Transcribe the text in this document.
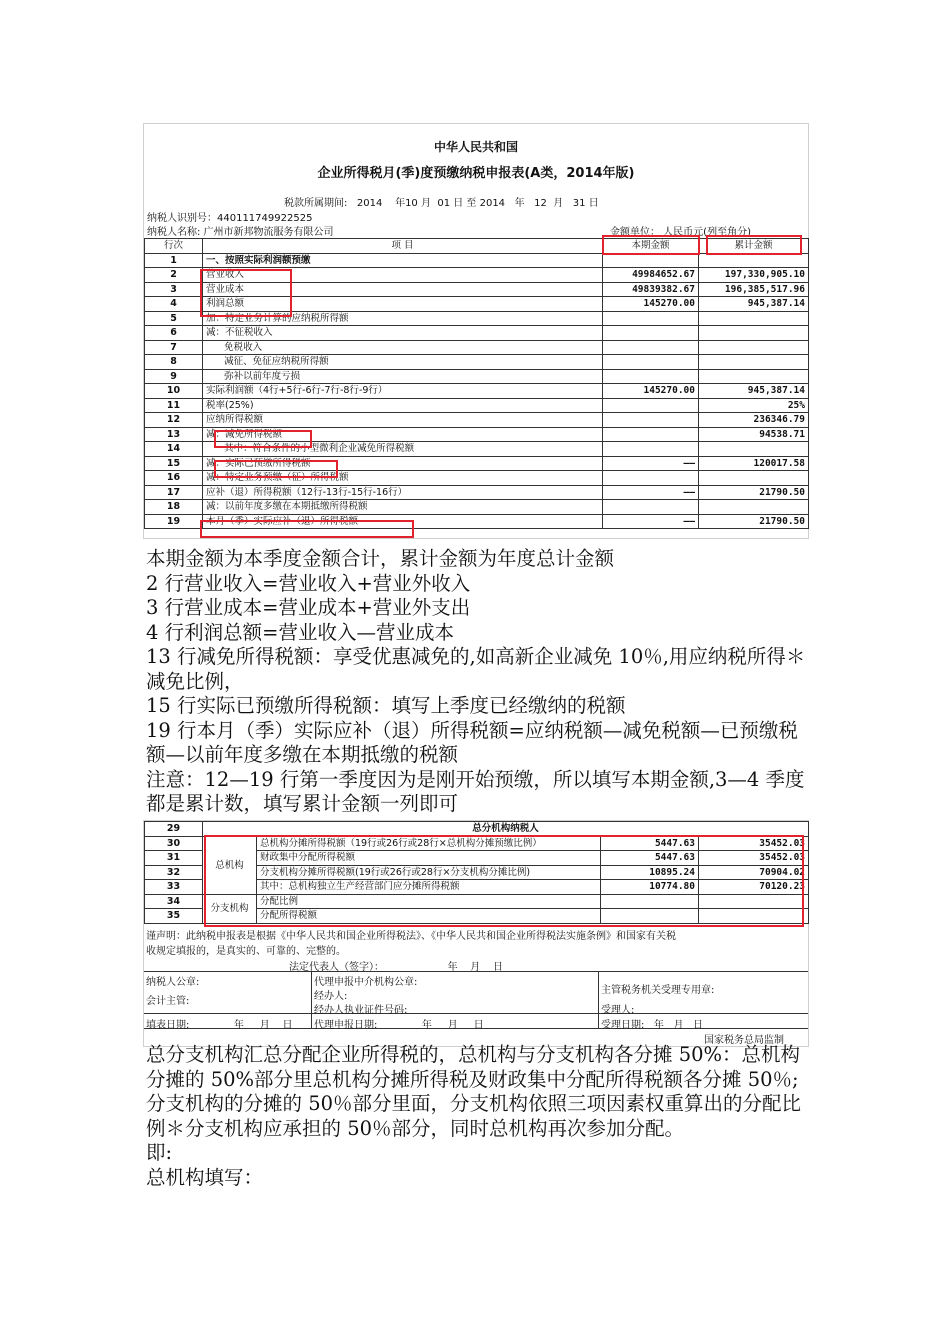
中华人民共和国
企业所得税月(季)度预缴纳税申报表(A类，2014年版)
税款所属期间:   2014    年10 月  01 日 至 2014   年   12  月   31 日
纳税人识别号：440111749922525
纳税人名称: 广州市新邦物流服务有限公司	金额单位： 人民币元(列至角分)
行次	项 目	本期金额	累计金额
1	一、按照实际利润额预缴		
2	营业收入	49984652.67	197,330,905.10
3	营业成本	49839382.67	196,385,517.96
4	利润总额	145270.00	945,387.14
5	加：特定业务计算的应纳税所得额		
6	减：不征税收入		
7	免税收入		
8	减征、免征应纳税所得额		
9	弥补以前年度亏损		
10	实际利润额（4行+5行-6行-7行-8行-9行）	145270.00	945,387.14
11	税率(25%)		25%
12	应纳所得税额		236346.79
13	减：减免所得税额		94538.71
14	其中：符合条件的小型微利企业减免所得税额		
15	减：实际已预缴所得税额	——	120017.58
16	减：特定业务预缴（征）所得税额		
17	应补（退）所得税额（12行-13行-15行-16行）	——	21790.50
18	减：以前年度多缴在本期抵缴所得税额		
19	本月（季）实际应补（退）所得税额	——	21790.50

本期金额为本季度金额合计，累计金额为年度总计金额

2 行营业收入=营业收入+营业外收入

3 行营业成本=营业成本+营业外支出

4 行利润总额=营业收入—营业成本

13 行减免所得税额：享受优惠减免的,如高新企业减免 10％,用应纳税所得＊减免比例，

15 行实际已预缴所得税额：填写上季度已经缴纳的税额

19 行本月（季）实际应补（退）所得税额=应纳税额—减免税额—已预缴税额—以前年度多缴在本期抵缴的税额

注意：12—19 行第一季度因为是刚开始预缴，所以填写本期金额,3—4 季度都是累计数，填写累计金额一列即可

29	总分机构纳税人			
30	总机构	总机构分摊所得税额（19行或26行或28行×总机构分摊预缴比例）	5447.63	35452.03
31		财政集中分配所得税额	5447.63	35452.03
32		分支机构分摊所得税额(19行或26行或28行×分支机构分摊比例)	10895.24	70904.02
33		其中：总机构独立生产经营部门应分摊所得税额	10774.80	70120.23
34	分支机构	分配比例		
35		分配所得税额		
谨声明：此纳税申报表是根据《中华人民共和国企业所得税法》、《中华人民共和国企业所得税法实施条例》和国家有关税
收规定填报的，是真实的、可靠的、完整的。
法定代表人（签字）：                    年    月    日
纳税人公章:
会计主管:
填表日期:              年     月    日
代理申报中介机构公章:
经办人:
经办人执业证件号码:
代理申报日期:              年     月     日
主管税务机关受理专用章:
受理人:
受理日期:   年   月   日
国家税务总局监制

总分支机构汇总分配企业所得税的，总机构与分支机构各分摊 50%：总机构分摊的 50%部分里总机构分摊所得税及财政集中分配所得税额各分摊 50％;分支机构的分摊的 50％部分里面，分支机构依照三项因素权重算出的分配比例＊分支机构应承担的 50％部分，同时总机构再次参加分配。

即:

总机构填写：
